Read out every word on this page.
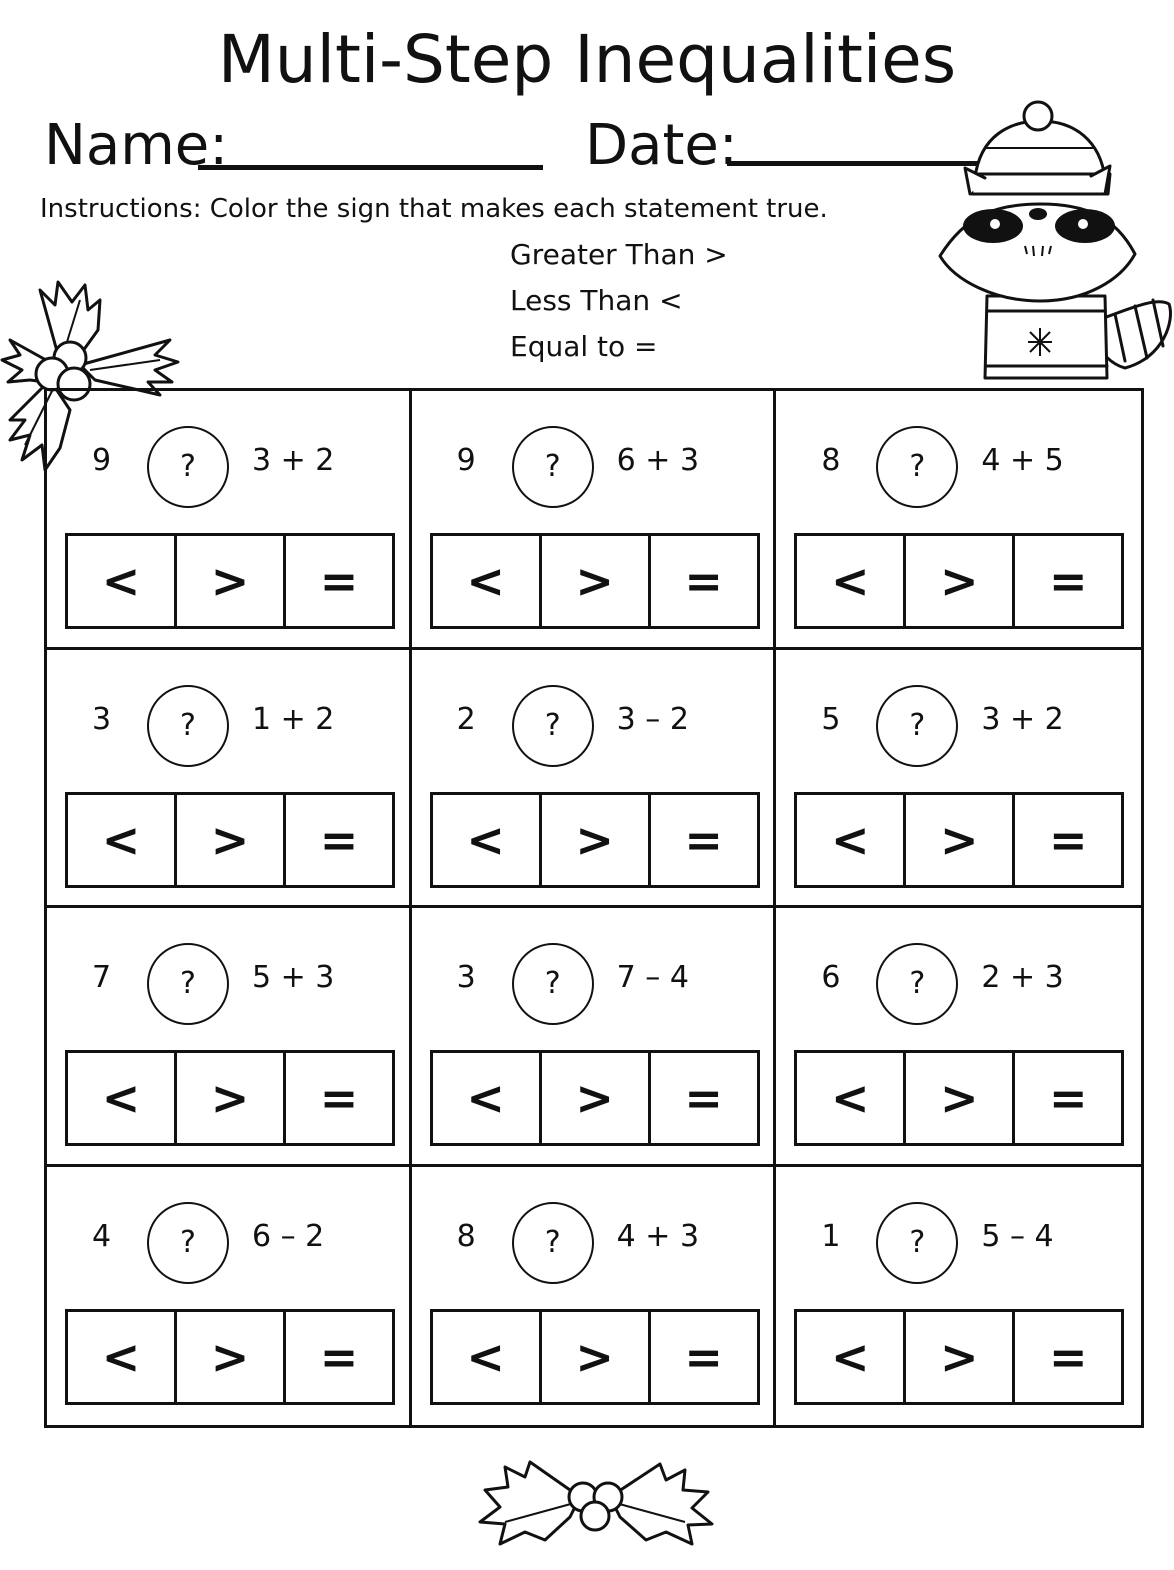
Multi-Step Inequalities
Name:	Date:
Instructions: Color the sign that makes each statement true.
Greater Than >
Less Than <
Equal to =
9	?	3 + 2
<	>	=
9	?	6 + 3
<	>	=
8	?	4 + 5
<	>	=
3	?	1 + 2
<	>	=
2	?	3 – 2
<	>	=
5	?	3 + 2
<	>	=
7	?	5 + 3
<	>	=
3	?	7 – 4
<	>	=
6	?	2 + 3
<	>	=
4	?	6 – 2
<	>	=
8	?	4 + 3
<	>	=
1	?	5 – 4
<	>	=
